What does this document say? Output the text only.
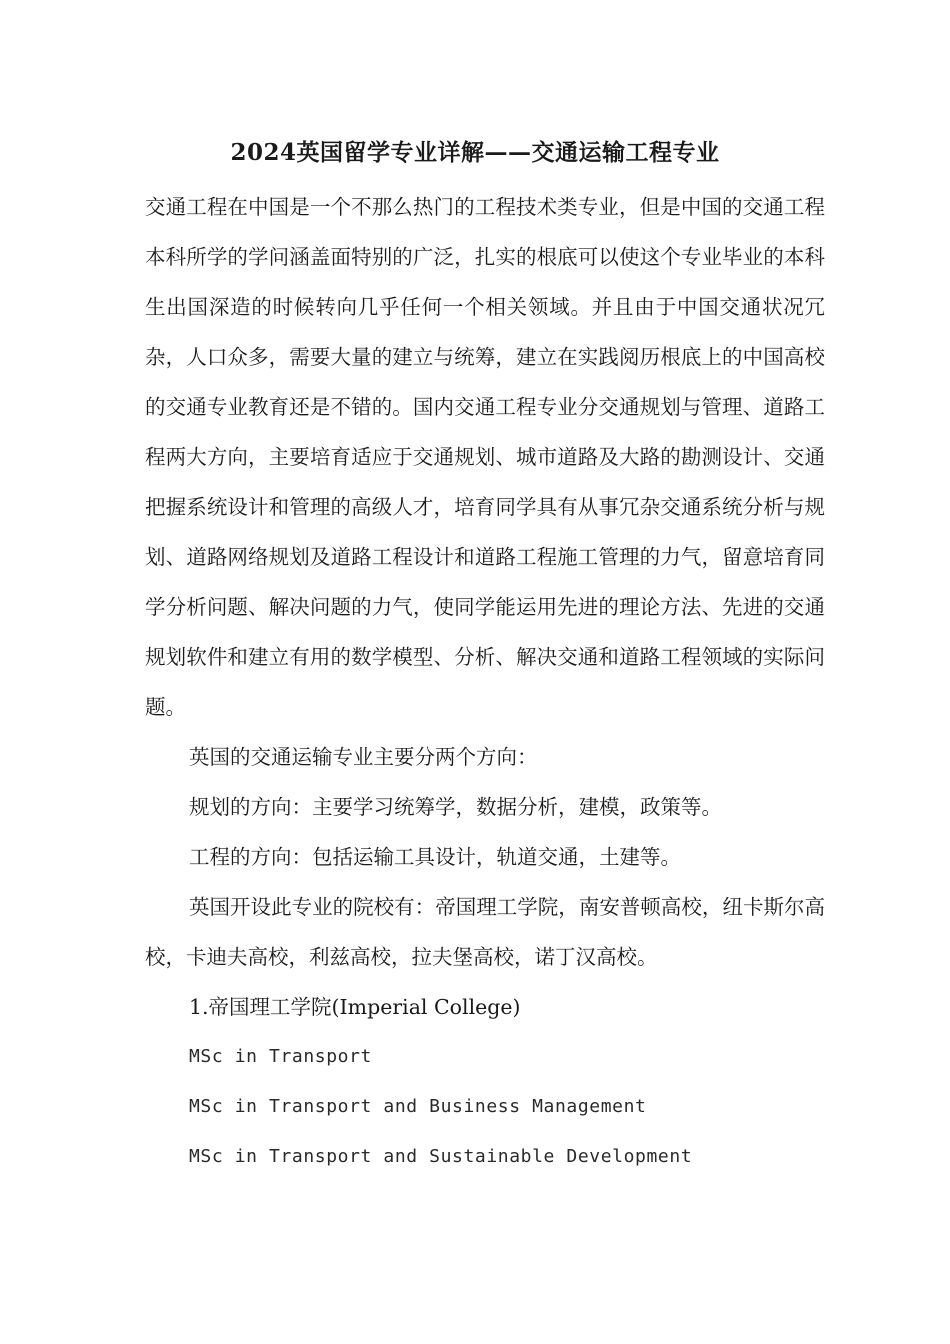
2024英国留学专业详解——交通运输工程专业

交通工程在中国是一个不那么热门的工程技术类专业，但是中国的交通工程本科所学的学问涵盖面特别的广泛，扎实的根底可以使这个专业毕业的本科生出国深造的时候转向几乎任何一个相关领域。并且由于中国交通状况冗杂，人口众多，需要大量的建立与统筹，建立在实践阅历根底上的中国高校的交通专业教育还是不错的。国内交通工程专业分交通规划与管理、道路工程两大方向，主要培育适应于交通规划、城市道路及大路的勘测设计、交通把握系统设计和管理的高级人才，培育同学具有从事冗杂交通系统分析与规划、道路网络规划及道路工程设计和道路工程施工管理的力气，留意培育同学分析问题、解决问题的力气，使同学能运用先进的理论方法、先进的交通规划软件和建立有用的数学模型、分析、解决交通和道路工程领域的实际问题。

英国的交通运输专业主要分两个方向：

规划的方向：主要学习统筹学，数据分析，建模，政策等。

工程的方向：包括运输工具设计，轨道交通，土建等。

英国开设此专业的院校有：帝国理工学院，南安普顿高校，纽卡斯尔高校，卡迪夫高校，利兹高校，拉夫堡高校，诺丁汉高校。

1.帝国理工学院(Imperial College)

MSc in Transport

MSc in Transport and Business Management

MSc in Transport and Sustainable Development
